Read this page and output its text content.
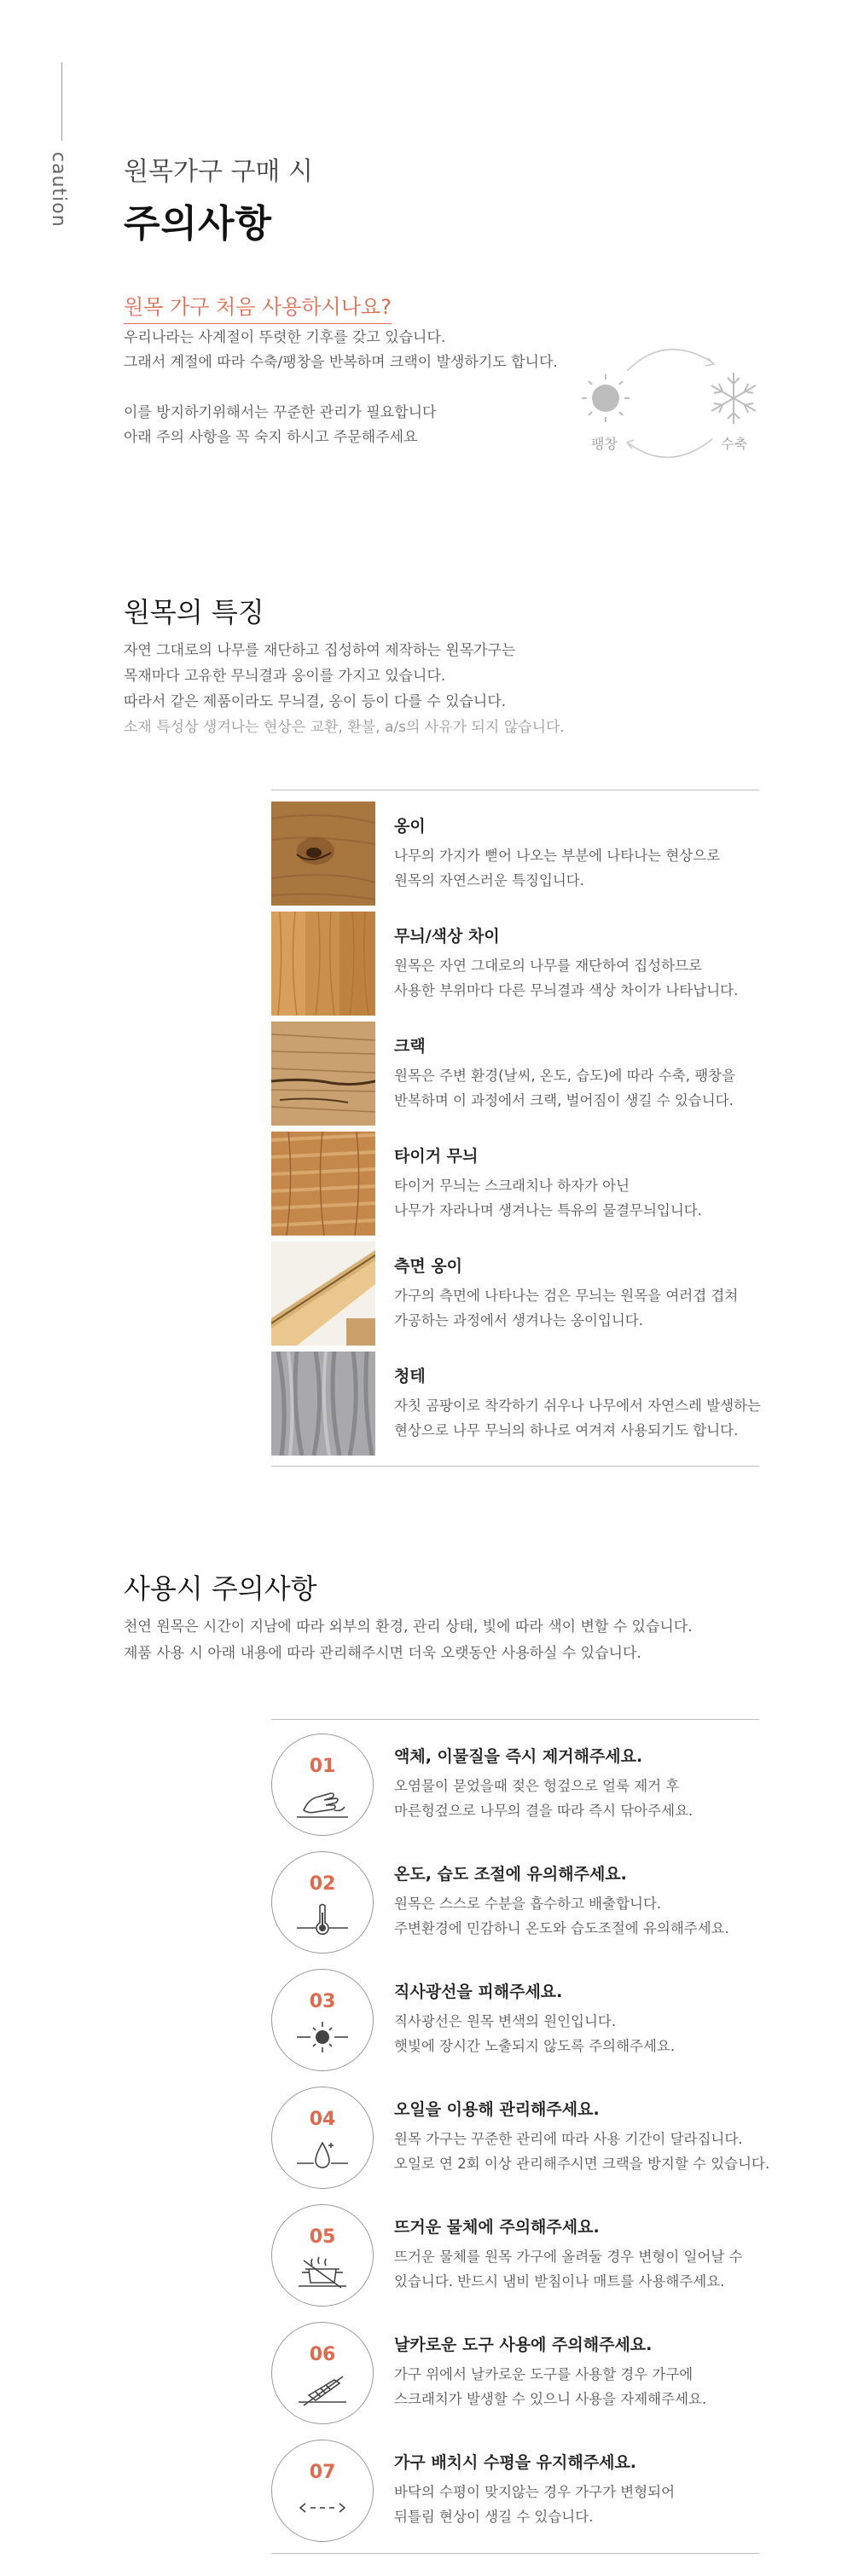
caution 원목가구 구매 시
주의사항
원목 가구 처음 사용하시나요?

우리나라는 사계절이 뚜렷한 기후를 갖고 있습니다.

그래서 계절에 따라 수축/팽창을 반복하며 크랙이 발생하기도 합니다.

이를 방지하기위해서는 꾸준한 관리가 필요합니다

아래 주의 사항을 꼭 숙지 하시고 주문해주세요	팽창	수축
원목의 특징

자연 그대로의 나무를 재단하고 집성하여 제작하는 원목가구는

목재마다 고유한 무늬결과 옹이를 가지고 있습니다.

따라서 같은 제품이라도 무늬결, 옹이 등이 다를 수 있습니다.

소재 특성상 생겨나는 현상은 교환, 환불, a/s의 사유가 되지 않습니다.

옹이
나무의 가지가 뻗어 나오는 부분에 나타나는 현상으로
원목의 자연스러운 특징입니다.
무늬/색상 차이
원목은 자연 그대로의 나무를 재단하여 집성하므로
사용한 부위마다 다른 무늬결과 색상 차이가 나타납니다.
크랙
원목은 주변 환경(날씨, 온도, 습도)에 따라 수축, 팽창을
반복하며 이 과정에서 크랙, 벌어짐이 생길 수 있습니다.
타이거 무늬
타이거 무늬는 스크래치나 하자가 아닌
나무가 자라나며 생겨나는 특유의 물결무늬입니다.
측면 옹이
가구의 측면에 나타나는 검은 무늬는 원목을 여러겹 겹쳐
가공하는 과정에서 생겨나는 옹이입니다.
청테
자칫 곰팡이로 착각하기 쉬우나 나무에서 자연스레 발생하는
현상으로 나무 무늬의 하나로 여겨져 사용되기도 합니다.
사용시 주의사항

천연 원목은 시간이 지남에 따라 외부의 환경, 관리 상태, 빛에 따라 색이 변할 수 있습니다.

제품 사용 시 아래 내용에 따라 관리해주시면 더욱 오랫동안 사용하실 수 있습니다.

01	액체, 이물질을 즉시 제거해주세요.
오염물이 묻었을때 젖은 헝겊으로 얼룩 제거 후
마른헝겊으로 나무의 결을 따라 즉시 닦아주세요.
02	온도, 습도 조절에 유의해주세요.
원목은 스스로 수분을 흡수하고 배출합니다.
주변환경에 민감하니 온도와 습도조절에 유의해주세요.
03	직사광선을 피해주세요.
직사광선은 원목 변색의 원인입니다.
햇빛에 장시간 노출되지 않도록 주의해주세요.
04	오일을 이용해 관리해주세요.
원목 가구는 꾸준한 관리에 따라 사용 기간이 달라집니다.
오일로 연 2회 이상 관리해주시면 크랙을 방지할 수 있습니다.
05	뜨거운 물체에 주의해주세요.
뜨거운 물체를 원목 가구에 올려둘 경우 변형이 일어날 수
있습니다. 반드시 냄비 받침이나 매트를 사용해주세요.
06	날카로운 도구 사용에 주의해주세요.
가구 위에서 날카로운 도구를 사용할 경우 가구에
스크래치가 발생할 수 있으니 사용을 자제해주세요.
07	가구 배치시 수평을 유지해주세요.
바닥의 수평이 맞지않는 경우 가구가 변형되어
뒤틀림 현상이 생길 수 있습니다.
